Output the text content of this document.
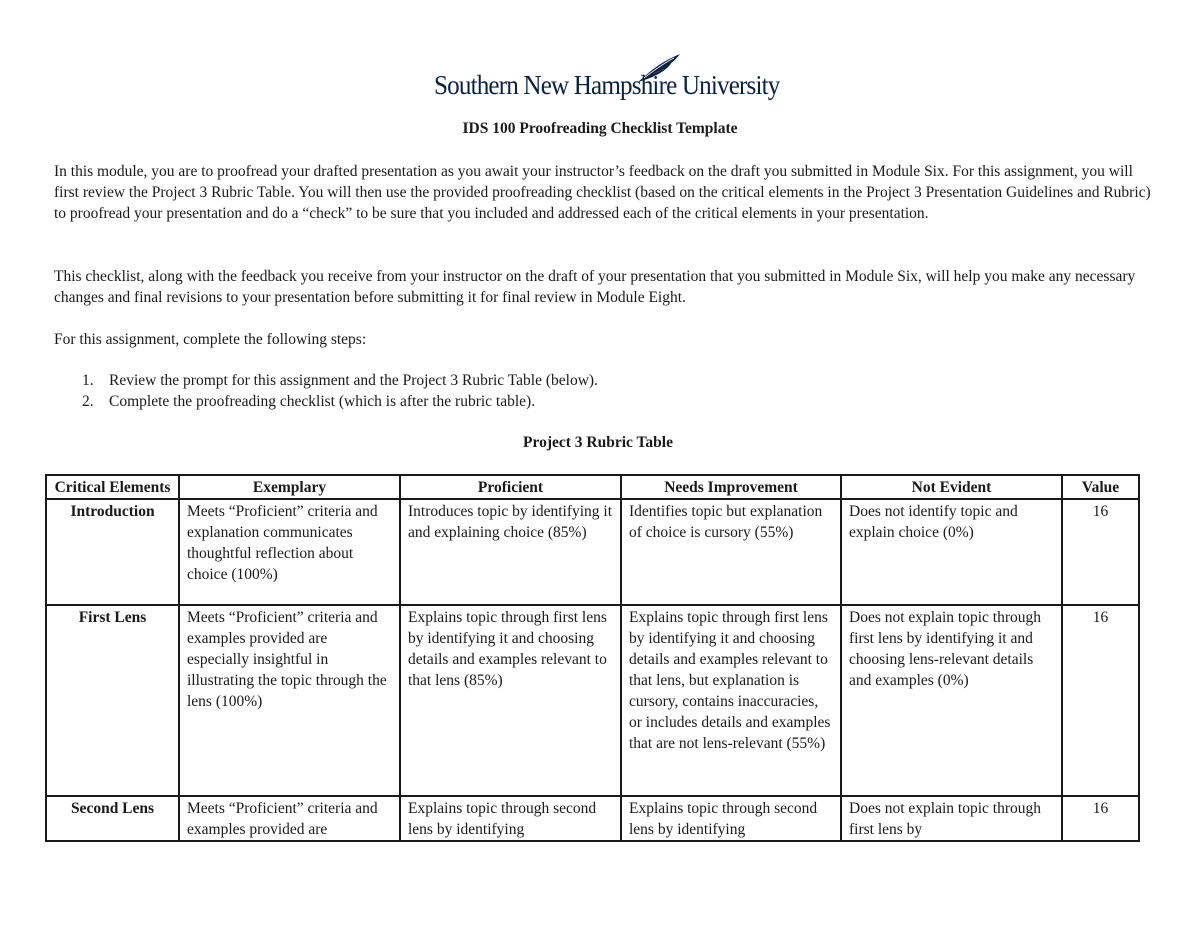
Southern New Hampshire University
IDS 100 Proofreading Checklist Template

In this module, you are to proofread your drafted presentation as you await your instructor’s feedback on the draft you submitted in Module Six. For this assignment, you will first review the Project 3 Rubric Table. You will then use the provided proofreading checklist (based on the critical elements in the Project 3 Presentation Guidelines and Rubric) to proofread your presentation and do a “check” to be sure that you included and addressed each of the critical elements in your presentation.

This checklist, along with the feedback you receive from your instructor on the draft of your presentation that you submitted in Module Six, will help you make any necessary changes and final revisions to your presentation before submitting it for final review in Module Eight.

For this assignment, complete the following steps:

1. Review the prompt for this assignment and the Project 3 Rubric Table (below).
2. Complete the proofreading checklist (which is after the rubric table).
Project 3 Rubric Table
Critical Elements	Exemplary	Proficient	Needs Improvement	Not Evident	Value
Introduction	Meets “Proficient” criteria and explanation communicates thoughtful reflection about choice (100%)	Introduces topic by identifying it and explaining choice (85%)	Identifies topic but explanation of choice is cursory (55%)	Does not identify topic and explain choice (0%)	16
First Lens	Meets “Proficient” criteria and examples provided are especially insightful in illustrating the topic through the lens (100%)	Explains topic through first lens by identifying it and choosing details and examples relevant to that lens (85%)	Explains topic through first lens by identifying it and choosing details and examples relevant to that lens, but explanation is cursory, contains inaccuracies, or includes details and examples that are not lens-relevant (55%)	Does not explain topic through first lens by identifying it and choosing lens-relevant details and examples (0%)	16

Second Lens	Meets “Proficient” criteria and examples provided are	Explains topic through second lens by identifying	Explains topic through second lens by identifying	Does not explain topic through first lens by	16
